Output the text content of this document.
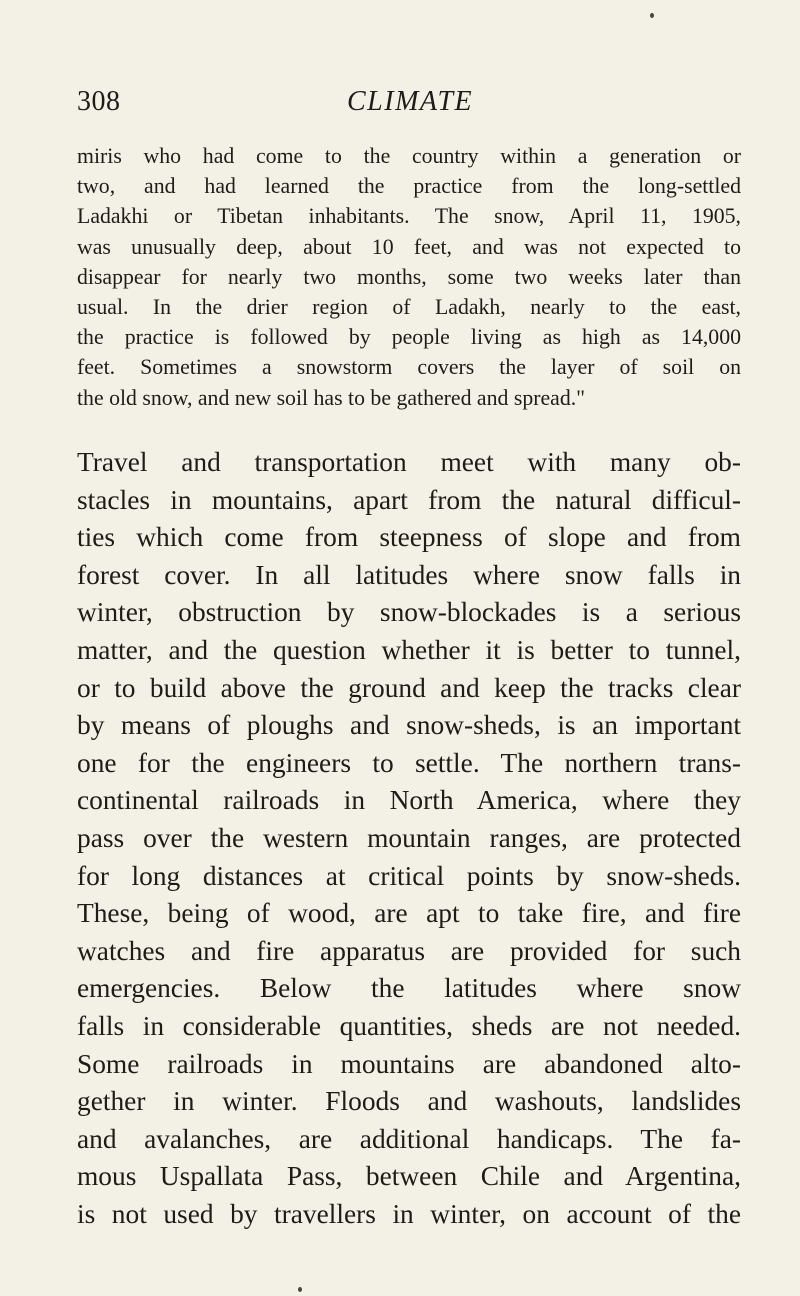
308	CLIMATE
miris who had come to the country within a generation or
two, and had learned the practice from the long-settled
Ladakhi or Tibetan inhabitants. The snow, April 11, 1905,
was unusually deep, about 10 feet, and was not expected to
disappear for nearly two months, some two weeks later than
usual. In the drier region of Ladakh, nearly to the east,
the practice is followed by people living as high as 14,000
feet. Sometimes a snowstorm covers the layer of soil on
the old snow, and new soil has to be gathered and spread."
Travel and transportation meet with many ob-
stacles in mountains, apart from the natural difficul-
ties which come from steepness of slope and from
forest cover. In all latitudes where snow falls in
winter, obstruction by snow-blockades is a serious
matter, and the question whether it is better to tunnel,
or to build above the ground and keep the tracks clear
by means of ploughs and snow-sheds, is an important
one for the engineers to settle. The northern trans-
continental railroads in North America, where they
pass over the western mountain ranges, are protected
for long distances at critical points by snow-sheds.
These, being of wood, are apt to take fire, and fire
watches and fire apparatus are provided for such
emergencies. Below the latitudes where snow
falls in considerable quantities, sheds are not needed.
Some railroads in mountains are abandoned alto-
gether in winter. Floods and washouts, landslides
and avalanches, are additional handicaps. The fa-
mous Uspallata Pass, between Chile and Argentina,
is not used by travellers in winter, on account of the
